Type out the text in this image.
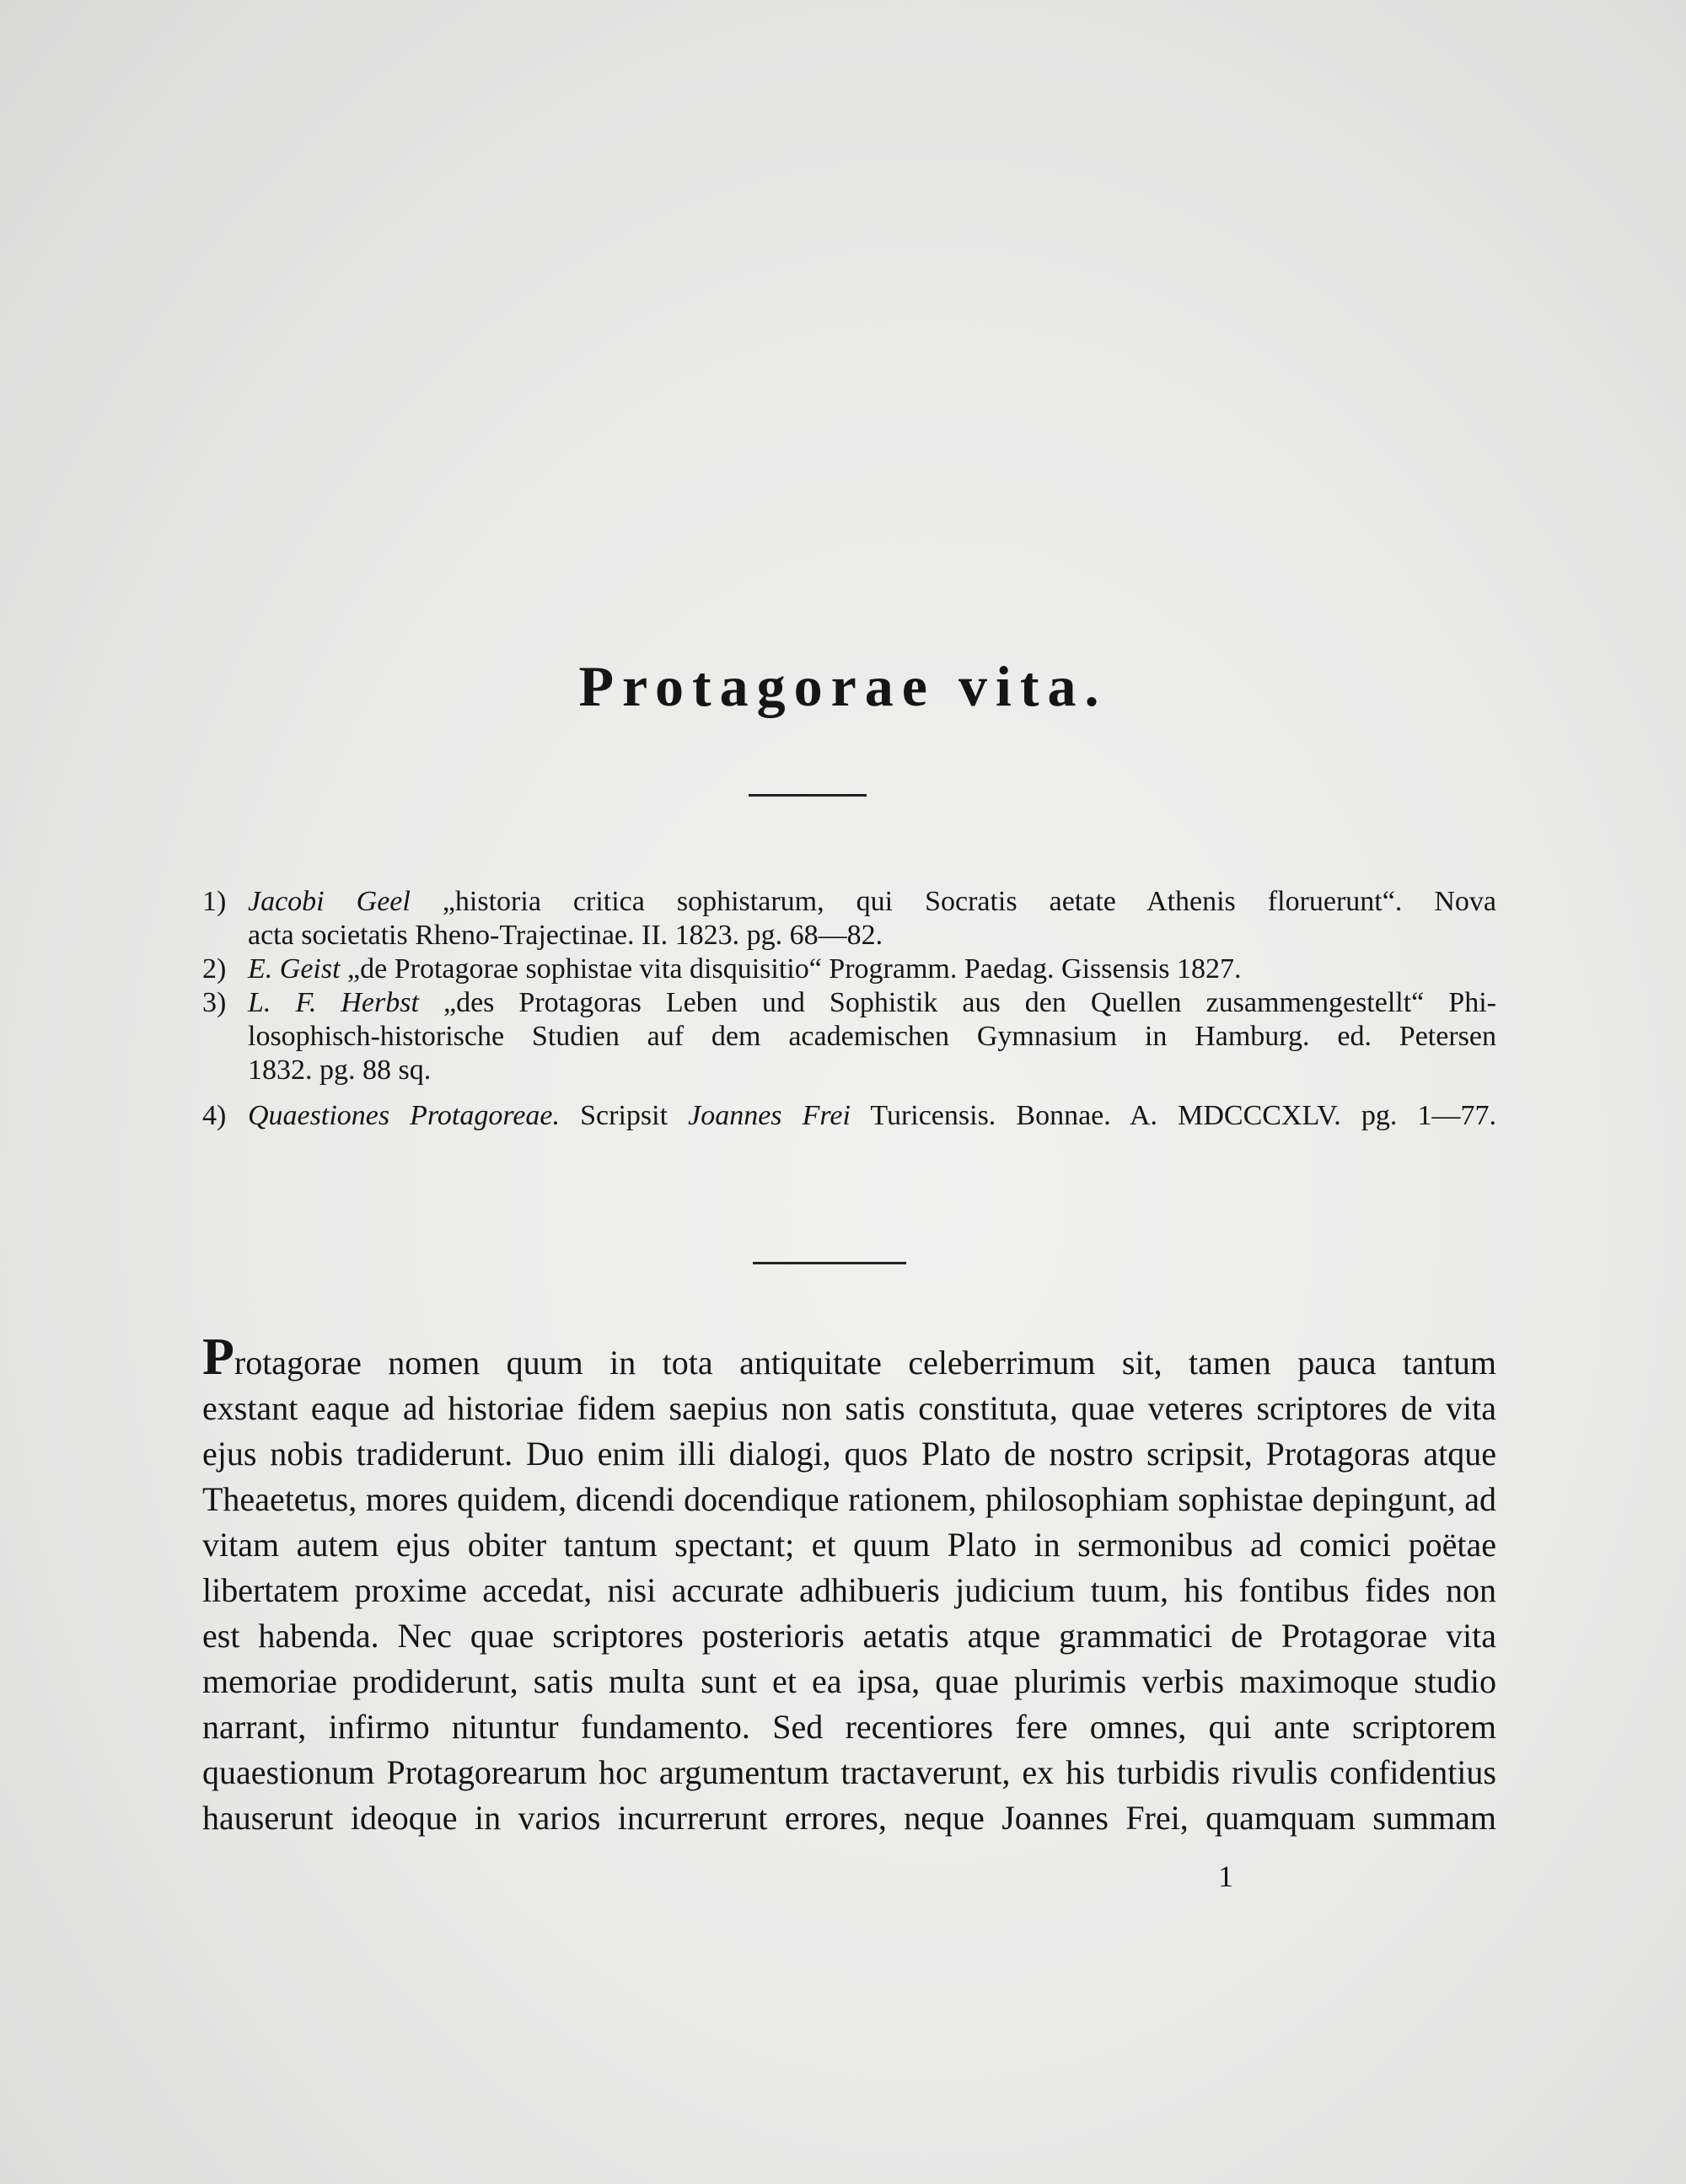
Protagorae vita.
1) Jacobi Geel „historia critica sophistarum, qui Socratis aetate Athenis floruerunt“. Nova
acta societatis Rheno-Trajectinae. II. 1823. pg. 68—82.
2) E. Geist „de Protagorae sophistae vita disquisitio“ Programm. Paedag. Gissensis 1827.
3) L. F. Herbst „des Protagoras Leben und Sophistik aus den Quellen zusammengestellt“ Phi-
losophisch-historische Studien auf dem academischen Gymnasium in Hamburg. ed. Petersen
1832. pg. 88 sq.
4) Quaestiones Protagoreae. Scripsit Joannes Frei Turicensis. Bonnae. A. MDCCCXLV. pg. 1—77.
Protagorae nomen quum in tota antiquitate celeberrimum sit, tamen pauca tantum
exstant eaque ad historiae fidem saepius non satis constituta, quae veteres scriptores de vita
ejus nobis tradiderunt. Duo enim illi dialogi, quos Plato de nostro scripsit, Protagoras atque
Theaetetus, mores quidem, dicendi docendique rationem, philosophiam sophistae depingunt, ad
vitam autem ejus obiter tantum spectant; et quum Plato in sermonibus ad comici poëtae
libertatem proxime accedat, nisi accurate adhibueris judicium tuum, his fontibus fides non
est habenda. Nec quae scriptores posterioris aetatis atque grammatici de Protagorae vita
memoriae prodiderunt, satis multa sunt et ea ipsa, quae plurimis verbis maximoque studio
narrant, infirmo nituntur fundamento. Sed recentiores fere omnes, qui ante scriptorem
quaestionum Protagorearum hoc argumentum tractaverunt, ex his turbidis rivulis confidentius
hauserunt ideoque in varios incurrerunt errores, neque Joannes Frei, quamquam summam
1
